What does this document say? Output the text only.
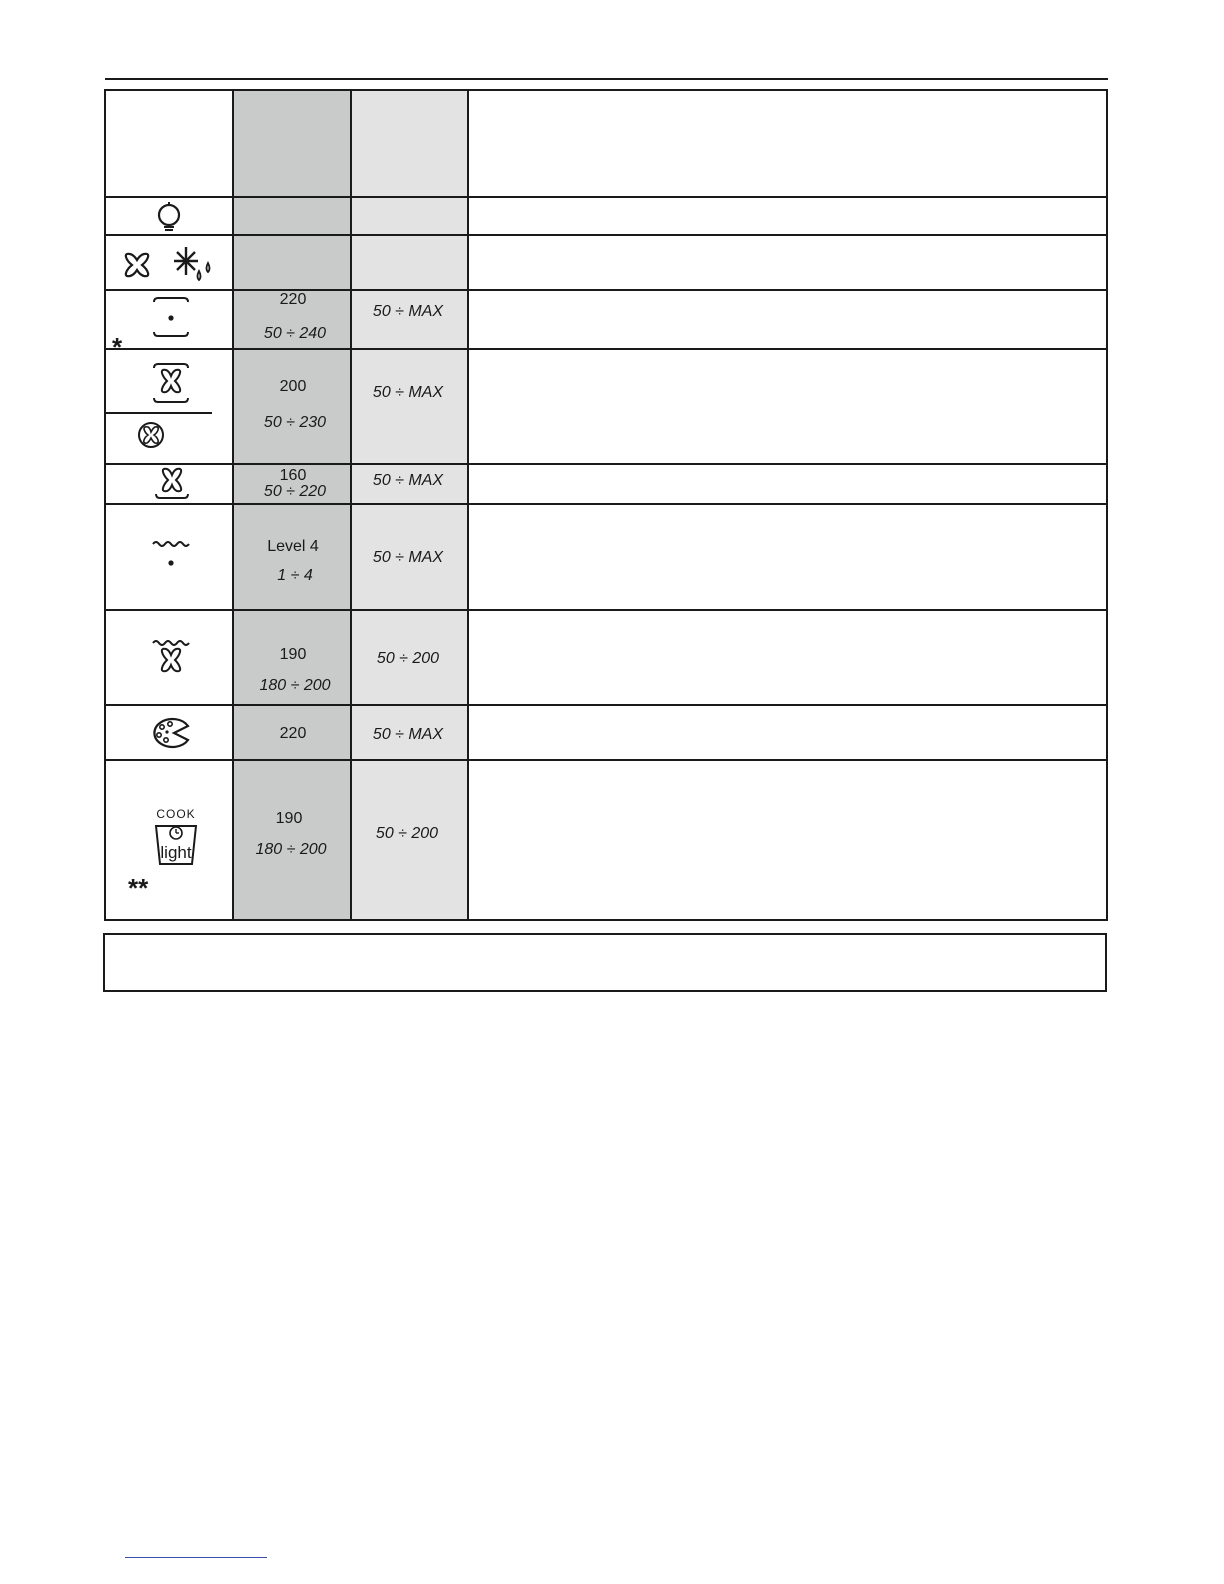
*
220
50 ÷ 240
50 ÷ MAX
200
50 ÷ 230
50 ÷ MAX
160
50 ÷ 220
50 ÷ MAX
Level 4
1 ÷ 4
50 ÷ MAX
190
180 ÷ 200
50 ÷ 200
220	50 ÷ MAX
COOK
light
**
190
180 ÷ 200
50 ÷ 200
